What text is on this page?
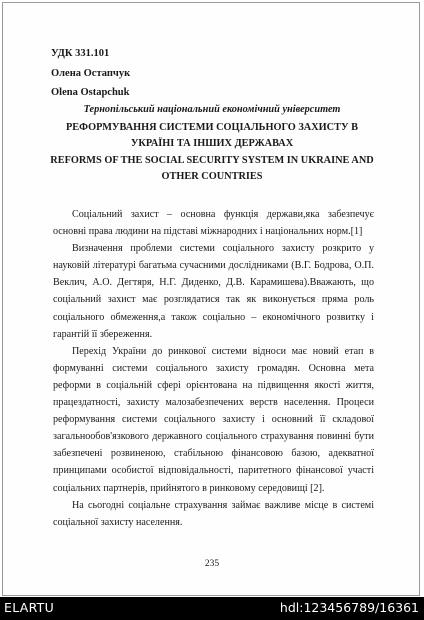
УДК 331.101

Олена Остапчук

Olena Ostapchuk

Тернопільський національний економічний університет

РЕФОРМУВАННЯ СИСТЕМИ СОЦІАЛЬНОГО ЗАХИСТУ В

УКРАЇНІ ТА ІНШИХ ДЕРЖАВАХ

REFORMS OF THE SOCIAL SECURITY SYSTEM IN UKRAINE AND

OTHER COUNTRIES

Соціальний захист – основна функція держави,яка забезпечує основні права людини на підставі міжнародних і національних норм.[1]

Визначення проблеми системи соціального захисту розкрито у науковій літературі багатьма сучасними дослідниками (В.Г. Бодрова, О.П. Веклич, А.О. Дегтяря, Н.Г. Диденко, Д.В. Карамишева).Вважають, що соціальний захист має розглядатися так як виконується пряма роль соціального обмеження,а також соціально – економічного розвитку і гарантій її збереження.

Перехід України до ринкової системи відноси має новий етап в формуванні системи соціального захисту громадян. Основна мета реформи в соціальній сфері орієнтована на підвищення якості життя, працездатності, захисту малозабезпечених верств населення. Процеси реформування системи соціального захисту і основний її складової загальнообов'язкового державного соціального страхування повинні бути забезпечені розвиненою, стабільною фінансовою базою, адекватної принципами особистої відповідальності, паритетного фінансової участі соціальних партнерів, прийнятого в ринковому середовищі [2].

На сьогодні соціальне страхування займає важливе місце в системі соціальної захисту населення.

235
ELARTU	hdl:123456789/16361
